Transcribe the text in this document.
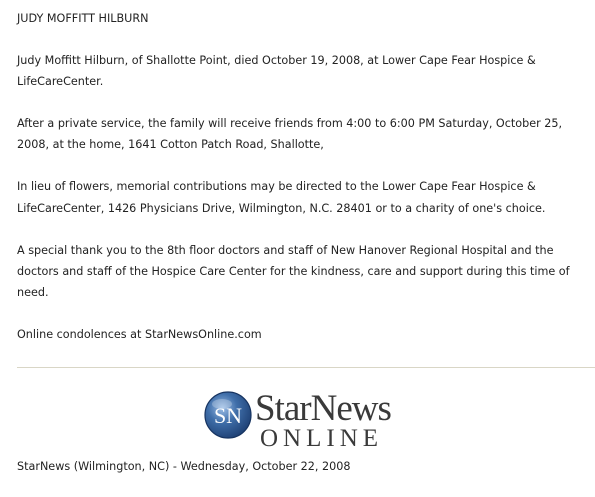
JUDY MOFFITT HILBURN
Judy Moffitt Hilburn, of Shallotte Point, died October 19, 2008, at Lower Cape Fear Hospice &
LifeCareCenter.
After a private service, the family will receive friends from 4:00 to 6:00 PM Saturday, October 25,
2008, at the home, 1641 Cotton Patch Road, Shallotte,
In lieu of flowers, memorial contributions may be directed to the Lower Cape Fear Hospice &
LifeCareCenter, 1426 Physicians Drive, Wilmington, N.C. 28401 or to a charity of one's choice.
A special thank you to the 8th floor doctors and staff of New Hanover Regional Hospital and the
doctors and staff of the Hospice Care Center for the kindness, care and support during this time of
need.
Online condolences at StarNewsOnline.com
SN StarNews
ONLINE
StarNews (Wilmington, NC) - Wednesday, October 22, 2008
